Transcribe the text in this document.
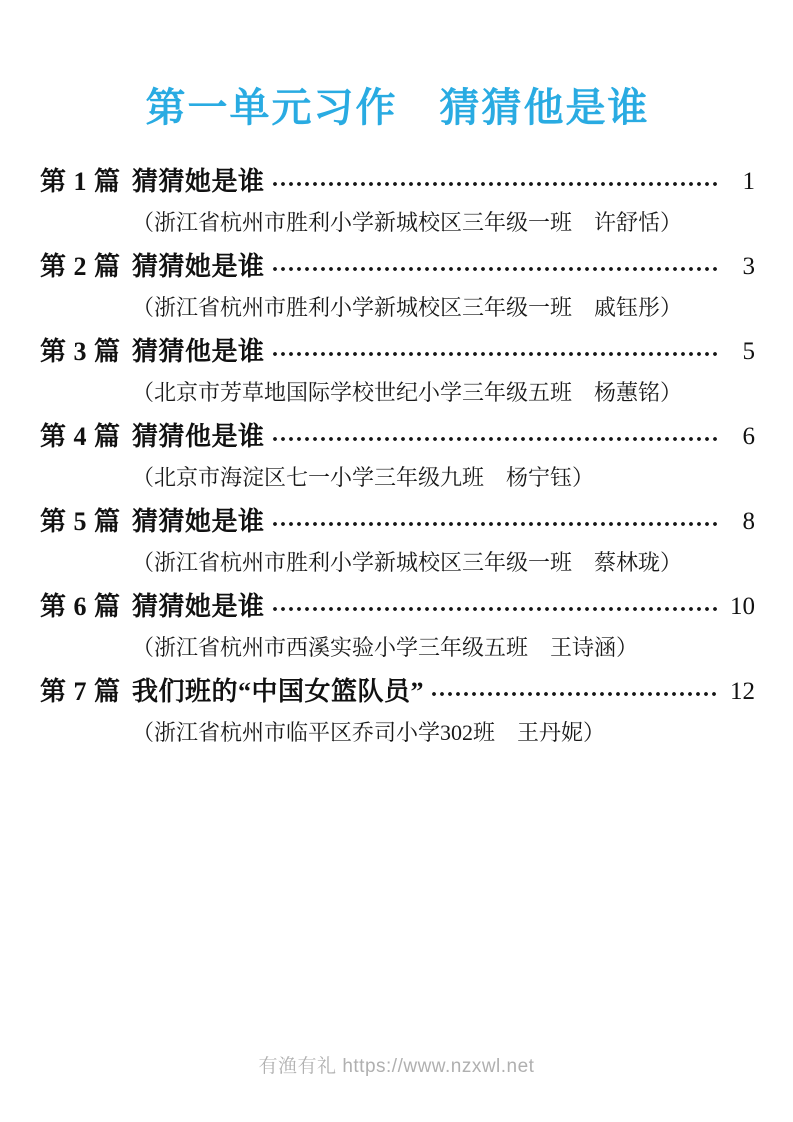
第一单元习作　猜猜他是谁
第 1 篇 猜猜她是谁	1
（浙江省杭州市胜利小学新城校区三年级一班　许舒恬）
第 2 篇 猜猜她是谁	3
（浙江省杭州市胜利小学新城校区三年级一班　戚钰彤）
第 3 篇 猜猜他是谁	5
（北京市芳草地国际学校世纪小学三年级五班　杨蕙铭）
第 4 篇 猜猜他是谁	6
（北京市海淀区七一小学三年级九班　杨宁钰）
第 5 篇 猜猜她是谁	8
（浙江省杭州市胜利小学新城校区三年级一班　蔡林珑）
第 6 篇 猜猜她是谁	10
（浙江省杭州市西溪实验小学三年级五班　王诗涵）
第 7 篇 我们班的“中国女篮队员”	12
（浙江省杭州市临平区乔司小学302班　王丹妮）
有渔有礼 https://www.nzxwl.net
